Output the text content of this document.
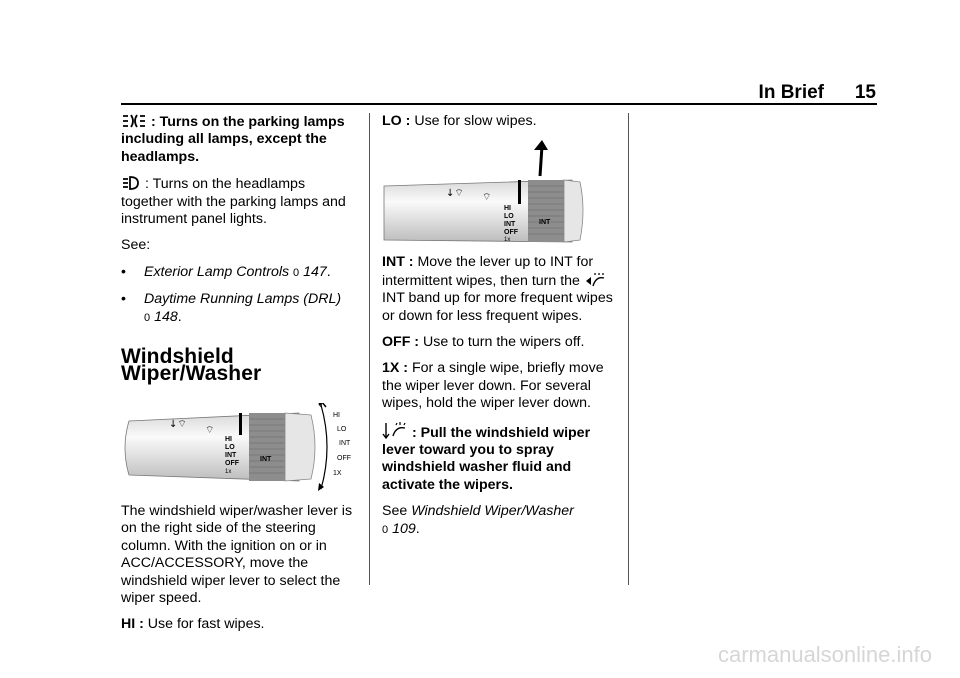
In Brief 15

: Turns on the parking lamps including all lamps, except the headlamps.

: Turns on the headlamps together with the parking lamps and instrument panel lights.

See:

• Exterior Lamp Controls 0 147.

• Daytime Running Lamps (DRL)
0 148.

Windshield Wiper/Washer
↓⌔
⌔
HI
LO
INT
OFF
1x
INT
HI
LO
INT
OFF
1X

The windshield wiper/washer lever is on the right side of the steering column. With the ignition on or in ACC/ACCESSORY, move the windshield wiper lever to select the wiper speed.

HI : Use for fast wipes.

LO : Use for slow wipes.

↓⌔ ⌔
HI
LO
INT
OFF
1x
INT

INT : Move the lever up to INT for intermittent wipes, then turn the
INT band up for more frequent wipes or down for less frequent wipes.

OFF : Use to turn the wipers off.

1X : For a single wipe, briefly move the wiper lever down. For several wipes, hold the wiper lever down.

: Pull the windshield wiper lever toward you to spray windshield washer fluid and activate the wipers.

See Windshield Wiper/Washer
0 109.

carmanualsonline.info
